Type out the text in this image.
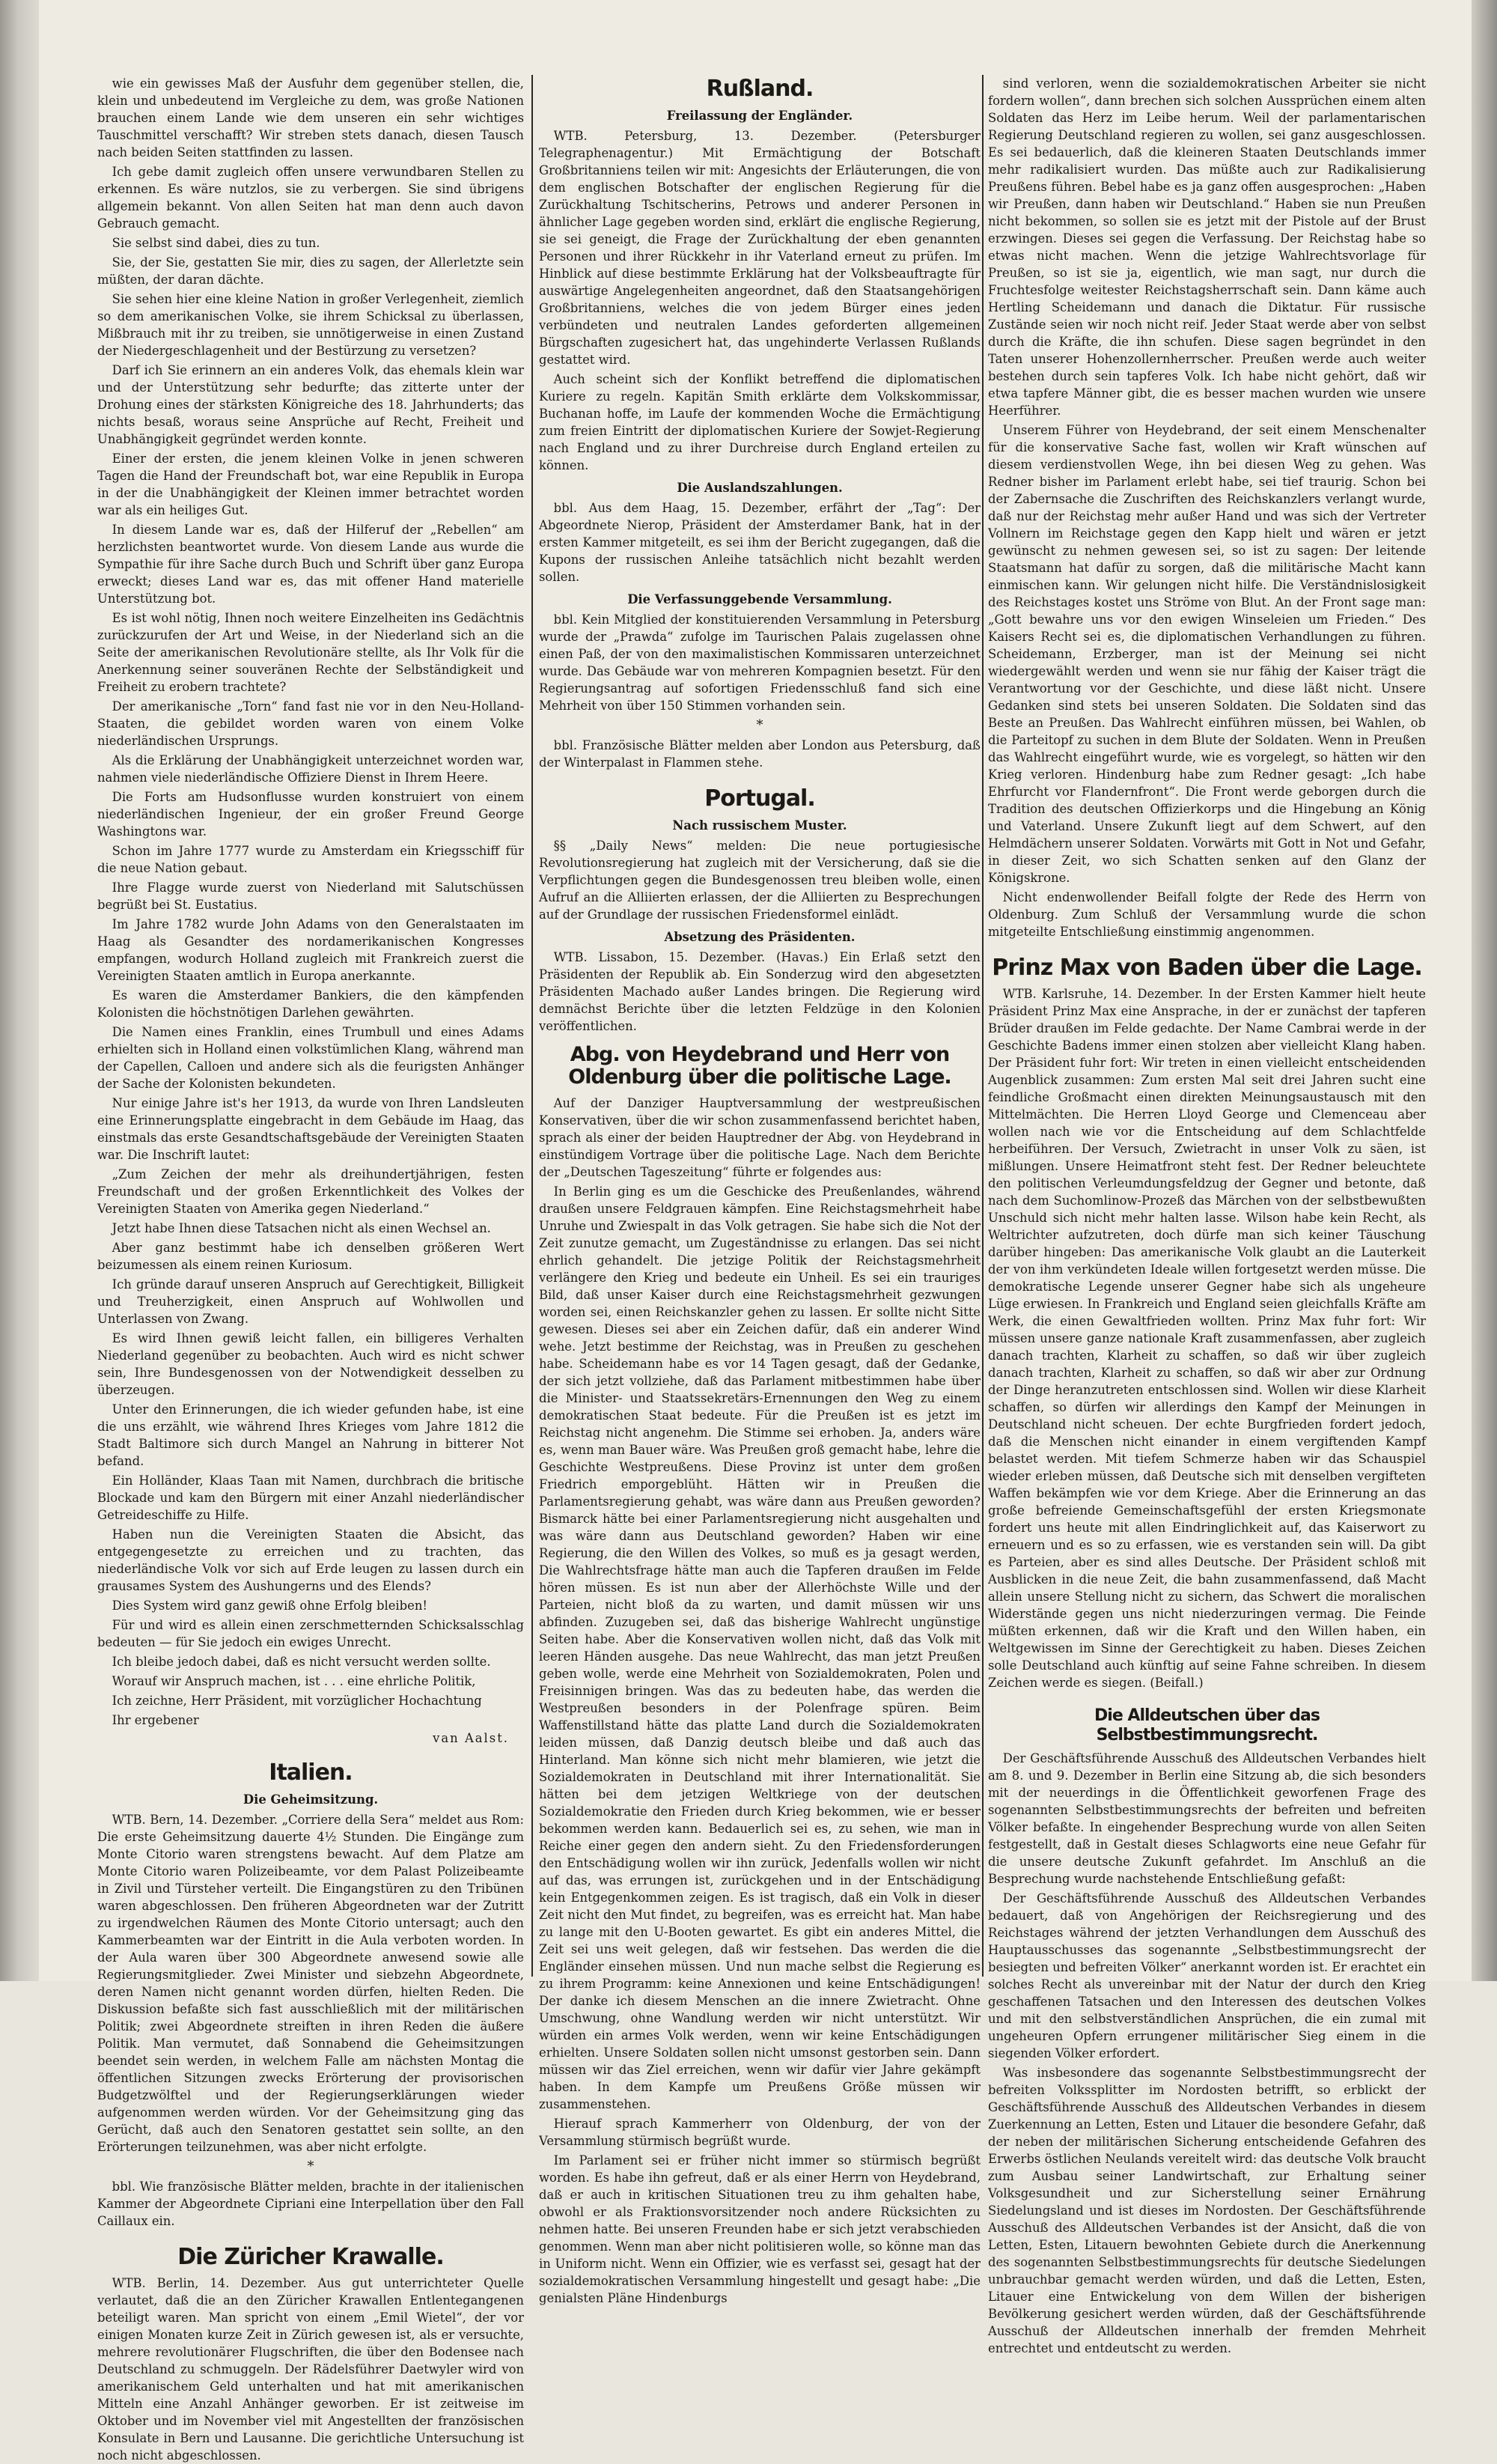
wie ein gewisses Maß der Ausfuhr dem gegenüber stellen, die, klein und unbedeutend im Vergleiche zu dem, was große Nationen brauchen einem Lande wie dem unseren ein sehr wichtiges Tauschmittel verschafft? Wir streben stets danach, diesen Tausch nach beiden Seiten stattfinden zu lassen.

Ich gebe damit zugleich offen unsere verwundbaren Stellen zu erkennen. Es wäre nutzlos, sie zu verbergen. Sie sind übrigens allgemein bekannt. Von allen Seiten hat man denn auch davon Gebrauch gemacht.

Sie selbst sind dabei, dies zu tun.

Sie, der Sie, gestatten Sie mir, dies zu sagen, der Allerletzte sein müßten, der daran dächte.

Sie sehen hier eine kleine Nation in großer Verlegenheit, ziemlich so dem amerikanischen Volke, sie ihrem Schicksal zu überlassen, Mißbrauch mit ihr zu treiben, sie unnötigerweise in einen Zustand der Niedergeschlagenheit und der Bestürzung zu versetzen?

Darf ich Sie erinnern an ein anderes Volk, das ehemals klein war und der Unterstützung sehr bedurfte; das zitterte unter der Drohung eines der stärksten Königreiche des 18. Jahrhunderts; das nichts besaß, woraus seine Ansprüche auf Recht, Freiheit und Unabhängigkeit gegründet werden konnte.

Einer der ersten, die jenem kleinen Volke in jenen schweren Tagen die Hand der Freundschaft bot, war eine Republik in Europa in der die Unabhängigkeit der Kleinen immer betrachtet worden war als ein heiliges Gut.

In diesem Lande war es, daß der Hilferuf der „Rebellen“ am herzlichsten beantwortet wurde. Von diesem Lande aus wurde die Sympathie für ihre Sache durch Buch und Schrift über ganz Europa erweckt; dieses Land war es, das mit offener Hand materielle Unterstützung bot.

Es ist wohl nötig, Ihnen noch weitere Einzelheiten ins Gedächtnis zurückzurufen der Art und Weise, in der Niederland sich an die Seite der amerikanischen Revolutionäre stellte, als Ihr Volk für die Anerkennung seiner souveränen Rechte der Selbständigkeit und Freiheit zu erobern trachtete?

Der amerikanische „Torn“ fand fast nie vor in den Neu-Holland-Staaten, die gebildet worden waren von einem Volke niederländischen Ursprungs.

Als die Erklärung der Unabhängigkeit unterzeichnet worden war, nahmen viele niederländische Offiziere Dienst in Ihrem Heere.

Die Forts am Hudsonflusse wurden konstruiert von einem niederländischen Ingenieur, der ein großer Freund George Washingtons war.

Schon im Jahre 1777 wurde zu Amsterdam ein Kriegsschiff für die neue Nation gebaut.

Ihre Flagge wurde zuerst von Niederland mit Salutschüssen begrüßt bei St. Eustatius.

Im Jahre 1782 wurde John Adams von den Generalstaaten im Haag als Gesandter des nordamerikanischen Kongresses empfangen, wodurch Holland zugleich mit Frankreich zuerst die Vereinigten Staaten amtlich in Europa anerkannte.

Es waren die Amsterdamer Bankiers, die den kämpfenden Kolonisten die höchstnötigen Darlehen gewährten.

Die Namen eines Franklin, eines Trumbull und eines Adams erhielten sich in Holland einen volkstümlichen Klang, während man der Capellen, Calloen und andere sich als die feurigsten Anhänger der Sache der Kolonisten bekundeten.

Nur einige Jahre ist's her 1913, da wurde von Ihren Landsleuten eine Erinnerungsplatte eingebracht in dem Gebäude im Haag, das einstmals das erste Gesandtschaftsgebäude der Vereinigten Staaten war. Die Inschrift lautet:

„Zum Zeichen der mehr als dreihundertjährigen, festen Freundschaft und der großen Erkenntlichkeit des Volkes der Vereinigten Staaten von Amerika gegen Niederland.“

Jetzt habe Ihnen diese Tatsachen nicht als einen Wechsel an.

Aber ganz bestimmt habe ich denselben größeren Wert beizumessen als einem reinen Kuriosum.

Ich gründe darauf unseren Anspruch auf Gerechtigkeit, Billigkeit und Treuherzigkeit, einen Anspruch auf Wohlwollen und Unterlassen von Zwang.

Es wird Ihnen gewiß leicht fallen, ein billigeres Verhalten Niederland gegenüber zu beobachten. Auch wird es nicht schwer sein, Ihre Bundesgenossen von der Notwendigkeit desselben zu überzeugen.

Unter den Erinnerungen, die ich wieder gefunden habe, ist eine die uns erzählt, wie während Ihres Krieges vom Jahre 1812 die Stadt Baltimore sich durch Mangel an Nahrung in bitterer Not befand.

Ein Holländer, Klaas Taan mit Namen, durchbrach die britische Blockade und kam den Bürgern mit einer Anzahl niederländischer Getreideschiffe zu Hilfe.

Haben nun die Vereinigten Staaten die Absicht, das entgegengesetzte zu erreichen und zu trachten, das niederländische Volk vor sich auf Erde leugen zu lassen durch ein grausames System des Aushungerns und des Elends?

Dies System wird ganz gewiß ohne Erfolg bleiben!

Für und wird es allein einen zerschmetternden Schicksalsschlag bedeuten — für Sie jedoch ein ewiges Unrecht.

Ich bleibe jedoch dabei, daß es nicht versucht werden sollte.

Worauf wir Anspruch machen, ist . . . eine ehrliche Politik,

Ich zeichne, Herr Präsident, mit vorzüglicher Hochachtung

Ihr ergebener

van Aalst.
Italien.
Die Geheimsitzung.

WTB. Bern, 14. Dezember. „Corriere della Sera“ meldet aus Rom: Die erste Geheimsitzung dauerte 4½ Stunden. Die Eingänge zum Monte Citorio waren strengstens bewacht. Auf dem Platze am Monte Citorio waren Polizeibeamte, vor dem Palast Polizeibeamte in Zivil und Türsteher verteilt. Die Eingangstüren zu den Tribünen waren abgeschlossen. Den früheren Abgeordneten war der Zutritt zu irgendwelchen Räumen des Monte Citorio untersagt; auch den Kammerbeamten war der Eintritt in die Aula verboten worden. In der Aula waren über 300 Abgeordnete anwesend sowie alle Regierungsmitglieder. Zwei Minister und siebzehn Abgeordnete, deren Namen nicht genannt worden dürfen, hielten Reden. Die Diskussion befaßte sich fast ausschließlich mit der militärischen Politik; zwei Abgeordnete streiften in ihren Reden die äußere Politik. Man vermutet, daß Sonnabend die Geheimsitzungen beendet sein werden, in welchem Falle am nächsten Montag die öffentlichen Sitzungen zwecks Erörterung der provisorischen Budgetzwölftel und der Regierungserklärungen wieder aufgenommen werden würden. Vor der Geheimsitzung ging das Gerücht, daß auch den Senatoren gestattet sein sollte, an den Erörterungen teilzunehmen, was aber nicht erfolgte.

*

bbl. Wie französische Blätter melden, brachte in der italienischen Kammer der Abgeordnete Cipriani eine Interpellation über den Fall Caillaux ein.

Die Züricher Krawalle.

WTB. Berlin, 14. Dezember. Aus gut unterrichteter Quelle verlautet, daß die an den Züricher Krawallen Entlentegangenen beteiligt waren. Man spricht von einem „Emil Wietel“, der vor einigen Monaten kurze Zeit in Zürich gewesen ist, als er versuchte, mehrere revolutionärer Flugschriften, die über den Bodensee nach Deutschland zu schmuggeln. Der Rädelsführer Daetwyler wird von amerikanischem Geld unterhalten und hat mit amerikanischen Mitteln eine Anzahl Anhänger geworben. Er ist zeitweise im Oktober und im November viel mit Angestellten der französischen Konsulate in Bern und Lausanne. Die gerichtliche Untersuchung ist noch nicht abgeschlossen.

Rußland.
Freilassung der Engländer.

WTB. Petersburg, 13. Dezember. (Petersburger Telegraphenagentur.) Mit Ermächtigung der Botschaft Großbritanniens teilen wir mit: Angesichts der Erläuterungen, die von dem englischen Botschafter der englischen Regierung für die Zurückhaltung Tschitscherins, Petrows und anderer Personen in ähnlicher Lage gegeben worden sind, erklärt die englische Regierung, sie sei geneigt, die Frage der Zurückhaltung der eben genannten Personen und ihrer Rückkehr in ihr Vaterland erneut zu prüfen. Im Hinblick auf diese bestimmte Erklärung hat der Volksbeauftragte für auswärtige Angelegenheiten angeordnet, daß den Staatsangehörigen Großbritanniens, welches die von jedem Bürger eines jeden verbündeten und neutralen Landes geforderten allgemeinen Bürgschaften zugesichert hat, das ungehinderte Verlassen Rußlands gestattet wird.

Auch scheint sich der Konflikt betreffend die diplomatischen Kuriere zu regeln. Kapitän Smith erklärte dem Volkskommissar, Buchanan hoffe, im Laufe der kommenden Woche die Ermächtigung zum freien Eintritt der diplomatischen Kuriere der Sowjet-Regierung nach England und zu ihrer Durchreise durch England erteilen zu können.

Die Auslandszahlungen.

bbl. Aus dem Haag, 15. Dezember, erfährt der „Tag“: Der Abgeordnete Nierop, Präsident der Amsterdamer Bank, hat in der ersten Kammer mitgeteilt, es sei ihm der Bericht zugegangen, daß die Kupons der russischen Anleihe tatsächlich nicht bezahlt werden sollen.

Die Verfassunggebende Versammlung.

bbl. Kein Mitglied der konstituierenden Versammlung in Petersburg wurde der „Prawda“ zufolge im Taurischen Palais zugelassen ohne einen Paß, der von den maximalistischen Kommissaren unterzeichnet wurde. Das Gebäude war von mehreren Kompagnien besetzt. Für den Regierungsantrag auf sofortigen Friedensschluß fand sich eine Mehrheit von über 150 Stimmen vorhanden sein.

*

bbl. Französische Blätter melden aber London aus Petersburg, daß der Winterpalast in Flammen stehe.

Portugal.
Nach russischem Muster.

§§ „Daily News“ melden: Die neue portugiesische Revolutionsregierung hat zugleich mit der Versicherung, daß sie die Verpflichtungen gegen die Bundesgenossen treu bleiben wolle, einen Aufruf an die Alliierten erlassen, der die Alliierten zu Besprechungen auf der Grundlage der russischen Friedensformel einlädt.

Absetzung des Präsidenten.

WTB. Lissabon, 15. Dezember. (Havas.) Ein Erlaß setzt den Präsidenten der Republik ab. Ein Sonderzug wird den abgesetzten Präsidenten Machado außer Landes bringen. Die Regierung wird demnächst Berichte über die letzten Feldzüge in den Kolonien veröffentlichen.

Abg. von Heydebrand und Herr von Oldenburg über die politische Lage.

Auf der Danziger Hauptversammlung der westpreußischen Konservativen, über die wir schon zusammenfassend berichtet haben, sprach als einer der beiden Hauptredner der Abg. von Heydebrand in einstündigem Vortrage über die politische Lage. Nach dem Berichte der „Deutschen Tageszeitung“ führte er folgendes aus:

In Berlin ging es um die Geschicke des Preußenlandes, während draußen unsere Feldgrauen kämpfen. Eine Reichstagsmehrheit habe Unruhe und Zwiespalt in das Volk getragen. Sie habe sich die Not der Zeit zunutze gemacht, um Zugeständnisse zu erlangen. Das sei nicht ehrlich gehandelt. Die jetzige Politik der Reichstagsmehrheit verlängere den Krieg und bedeute ein Unheil. Es sei ein trauriges Bild, daß unser Kaiser durch eine Reichstagsmehrheit gezwungen worden sei, einen Reichskanzler gehen zu lassen. Er sollte nicht Sitte gewesen. Dieses sei aber ein Zeichen dafür, daß ein anderer Wind wehe. Jetzt bestimme der Reichstag, was in Preußen zu geschehen habe. Scheidemann habe es vor 14 Tagen gesagt, daß der Gedanke, der sich jetzt vollziehe, daß das Parlament mitbestimmen habe über die Minister- und Staatssekretärs-Ernennungen den Weg zu einem demokratischen Staat bedeute. Für die Preußen ist es jetzt im Reichstag nicht angenehm. Die Stimme sei erhoben. Ja, anders wäre es, wenn man Bauer wäre. Was Preußen groß gemacht habe, lehre die Geschichte Westpreußens. Diese Provinz ist unter dem großen Friedrich emporgeblüht. Hätten wir in Preußen die Parlamentsregierung gehabt, was wäre dann aus Preußen geworden? Bismarck hätte bei einer Parlamentsregierung nicht ausgehalten und was wäre dann aus Deutschland geworden? Haben wir eine Regierung, die den Willen des Volkes, so muß es ja gesagt werden, Die Wahlrechtsfrage hätte man auch die Tapferen draußen im Felde hören müssen. Es ist nun aber der Allerhöchste Wille und der Parteien, nicht bloß da zu warten, und damit müssen wir uns abfinden. Zuzugeben sei, daß das bisherige Wahlrecht ungünstige Seiten habe. Aber die Konservativen wollen nicht, daß das Volk mit leeren Händen ausgehe. Das neue Wahlrecht, das man jetzt Preußen geben wolle, werde eine Mehrheit von Sozialdemokraten, Polen und Freisinnigen bringen. Was das zu bedeuten habe, das werden die Westpreußen besonders in der Polenfrage spüren. Beim Waffenstillstand hätte das platte Land durch die Sozialdemokraten leiden müssen, daß Danzig deutsch bleibe und daß auch das Hinterland. Man könne sich nicht mehr blamieren, wie jetzt die Sozialdemokraten in Deutschland mit ihrer Internationalität. Sie hätten bei dem jetzigen Weltkriege von der deutschen Sozialdemokratie den Frieden durch Krieg bekommen, wie er besser bekommen werden kann. Bedauerlich sei es, zu sehen, wie man in Reiche einer gegen den andern sieht. Zu den Friedensforderungen den Entschädigung wollen wir ihn zurück, Jedenfalls wollen wir nicht auf das, was errungen ist, zurückgehen und in der Entschädigung kein Entgegenkommen zeigen. Es ist tragisch, daß ein Volk in dieser Zeit nicht den Mut findet, zu begreifen, was es erreicht hat. Man habe zu lange mit den U-Booten gewartet. Es gibt ein anderes Mittel, die Zeit sei uns weit gelegen, daß wir festsehen. Das werden die die Engländer einsehen müssen. Und nun mache selbst die Regierung es zu ihrem Programm: keine Annexionen und keine Entschädigungen! Der danke ich diesem Menschen an die innere Zwietracht. Ohne Umschwung, ohne Wandlung werden wir nicht unterstützt. Wir würden ein armes Volk werden, wenn wir keine Entschädigungen erhielten. Unsere Soldaten sollen nicht umsonst gestorben sein. Dann müssen wir das Ziel erreichen, wenn wir dafür vier Jahre gekämpft haben. In dem Kampfe um Preußens Größe müssen wir zusammenstehen.

Hierauf sprach Kammerherr von Oldenburg, der von der Versammlung stürmisch begrüßt wurde.

Im Parlament sei er früher nicht immer so stürmisch begrüßt worden. Es habe ihn gefreut, daß er als einer Herrn von Heydebrand, daß er auch in kritischen Situationen treu zu ihm gehalten habe, obwohl er als Fraktionsvorsitzender noch andere Rücksichten zu nehmen hatte. Bei unseren Freunden habe er sich jetzt verabschieden genommen. Wenn man aber nicht politisieren wolle, so könne man das in Uniform nicht. Wenn ein Offizier, wie es verfasst sei, gesagt hat der sozialdemokratischen Versammlung hingestellt und gesagt habe: „Die genialsten Pläne Hindenburgs

sind verloren, wenn die sozialdemokratischen Arbeiter sie nicht fordern wollen“, dann brechen sich solchen Aussprüchen einem alten Soldaten das Herz im Leibe herum. Weil der parlamentarischen Regierung Deutschland regieren zu wollen, sei ganz ausgeschlossen. Es sei bedauerlich, daß die kleineren Staaten Deutschlands immer mehr radikalisiert wurden. Das müßte auch zur Radikalisierung Preußens führen. Bebel habe es ja ganz offen ausgesprochen: „Haben wir Preußen, dann haben wir Deutschland.“ Haben sie nun Preußen nicht bekommen, so sollen sie es jetzt mit der Pistole auf der Brust erzwingen. Dieses sei gegen die Verfassung. Der Reichstag habe so etwas nicht machen. Wenn die jetzige Wahlrechtsvorlage für Preußen, so ist sie ja, eigentlich, wie man sagt, nur durch die Fruchtesfolge weitester Reichstagsherrschaft sein. Dann käme auch Hertling Scheidemann und danach die Diktatur. Für russische Zustände seien wir noch nicht reif. Jeder Staat werde aber von selbst durch die Kräfte, die ihn schufen. Diese sagen begründet in den Taten unserer Hohenzollernherrscher. Preußen werde auch weiter bestehen durch sein tapferes Volk. Ich habe nicht gehört, daß wir etwa tapfere Männer gibt, die es besser machen wurden wie unsere Heerführer.

Unserem Führer von Heydebrand, der seit einem Menschenalter für die konservative Sache fast, wollen wir Kraft wünschen auf diesem verdienstvollen Wege, ihn bei diesen Weg zu gehen. Was Redner bisher im Parlament erlebt habe, sei tief traurig. Schon bei der Zabernsache die Zuschriften des Reichskanzlers verlangt wurde, daß nur der Reichstag mehr außer Hand und was sich der Vertreter Vollnern im Reichstage gegen den Kapp hielt und wären er jetzt gewünscht zu nehmen gewesen sei, so ist zu sagen: Der leitende Staatsmann hat dafür zu sorgen, daß die militärische Macht kann einmischen kann. Wir gelungen nicht hilfe. Die Verständnislosigkeit des Reichstages kostet uns Ströme von Blut. An der Front sage man: „Gott bewahre uns vor den ewigen Winseleien um Frieden.“ Des Kaisers Recht sei es, die diplomatischen Verhandlungen zu führen. Scheidemann, Erzberger, man ist der Meinung sei nicht wiedergewählt werden und wenn sie nur fähig der Kaiser trägt die Verantwortung vor der Geschichte, und diese läßt nicht. Unsere Gedanken sind stets bei unseren Soldaten. Die Soldaten sind das Beste an Preußen. Das Wahlrecht einführen müssen, bei Wahlen, ob die Parteitopf zu suchen in dem Blute der Soldaten. Wenn in Preußen das Wahlrecht eingeführt wurde, wie es vorgelegt, so hätten wir den Krieg verloren. Hindenburg habe zum Redner gesagt: „Ich habe Ehrfurcht vor Flandernfront“. Die Front werde geborgen durch die Tradition des deutschen Offizierkorps und die Hingebung an König und Vaterland. Unsere Zukunft liegt auf dem Schwert, auf den Helmdächern unserer Soldaten. Vorwärts mit Gott in Not und Gefahr, in dieser Zeit, wo sich Schatten senken auf den Glanz der Königskrone.

Nicht endenwollender Beifall folgte der Rede des Herrn von Oldenburg. Zum Schluß der Versammlung wurde die schon mitgeteilte Entschließung einstimmig angenommen.

Prinz Max von Baden über die Lage.

WTB. Karlsruhe, 14. Dezember. In der Ersten Kammer hielt heute Präsident Prinz Max eine Ansprache, in der er zunächst der tapferen Brüder draußen im Felde gedachte. Der Name Cambrai werde in der Geschichte Badens immer einen stolzen aber vielleicht Klang haben. Der Präsident fuhr fort: Wir treten in einen vielleicht entscheidenden Augenblick zusammen: Zum ersten Mal seit drei Jahren sucht eine feindliche Großmacht einen direkten Meinungsaustausch mit den Mittelmächten. Die Herren Lloyd George und Clemenceau aber wollen nach wie vor die Entscheidung auf dem Schlachtfelde herbeiführen. Der Versuch, Zwietracht in unser Volk zu säen, ist mißlungen. Unsere Heimatfront steht fest. Der Redner beleuchtete den politischen Verleumdungsfeldzug der Gegner und betonte, daß nach dem Suchomlinow-Prozeß das Märchen von der selbstbewußten Unschuld sich nicht mehr halten lasse. Wilson habe kein Recht, als Weltrichter aufzutreten, doch dürfe man sich keiner Täuschung darüber hingeben: Das amerikanische Volk glaubt an die Lauterkeit der von ihm verkündeten Ideale willen fortgesetzt werden müsse. Die demokratische Legende unserer Gegner habe sich als ungeheure Lüge erwiesen. In Frankreich und England seien gleichfalls Kräfte am Werk, die einen Gewaltfrieden wollten. Prinz Max fuhr fort: Wir müssen unsere ganze nationale Kraft zusammenfassen, aber zugleich danach trachten, Klarheit zu schaffen, so daß wir über zugleich danach trachten, Klarheit zu schaffen, so daß wir aber zur Ordnung der Dinge heranzutreten entschlossen sind. Wollen wir diese Klarheit schaffen, so dürfen wir allerdings den Kampf der Meinungen in Deutschland nicht scheuen. Der echte Burgfrieden fordert jedoch, daß die Menschen nicht einander in einem vergiftenden Kampf belastet werden. Mit tiefem Schmerze haben wir das Schauspiel wieder erleben müssen, daß Deutsche sich mit denselben vergifteten Waffen bekämpfen wie vor dem Kriege. Aber die Erinnerung an das große befreiende Gemeinschaftsgefühl der ersten Kriegsmonate fordert uns heute mit allen Eindringlichkeit auf, das Kaiserwort zu erneuern und es so zu erfassen, wie es verstanden sein will. Da gibt es Parteien, aber es sind alles Deutsche. Der Präsident schloß mit Ausblicken in die neue Zeit, die bahn zusammenfassend, daß Macht allein unsere Stellung nicht zu sichern, das Schwert die moralischen Widerstände gegen uns nicht niederzuringen vermag. Die Feinde müßten erkennen, daß wir die Kraft und den Willen haben, ein Weltgewissen im Sinne der Gerechtigkeit zu haben. Dieses Zeichen solle Deutschland auch künftig auf seine Fahne schreiben. In diesem Zeichen werde es siegen. (Beifall.)

Die Alldeutschen über das Selbstbestimmungsrecht.

Der Geschäftsführende Ausschuß des Alldeutschen Verbandes hielt am 8. und 9. Dezember in Berlin eine Sitzung ab, die sich besonders mit der neuerdings in die Öffentlichkeit geworfenen Frage des sogenannten Selbstbestimmungsrechts der befreiten und befreiten Völker befaßte. In eingehender Besprechung wurde von allen Seiten festgestellt, daß in Gestalt dieses Schlagworts eine neue Gefahr für die unsere deutsche Zukunft gefahrdet. Im Anschluß an die Besprechung wurde nachstehende Entschließung gefaßt:

Der Geschäftsführende Ausschuß des Alldeutschen Verbandes bedauert, daß von Angehörigen der Reichsregierung und des Reichstages während der jetzten Verhandlungen dem Ausschuß des Hauptausschusses das sogenannte „Selbstbestimmungsrecht der besiegten und befreiten Völker“ anerkannt worden ist. Er erachtet ein solches Recht als unvereinbar mit der Natur der durch den Krieg geschaffenen Tatsachen und den Interessen des deutschen Volkes und mit den selbstverständlichen Ansprüchen, die ein zumal mit ungeheuren Opfern errungener militärischer Sieg einem in die siegenden Völker erfordert.

Was insbesondere das sogenannte Selbstbestimmungsrecht der befreiten Volkssplitter im Nordosten betrifft, so erblickt der Geschäftsführende Ausschuß des Alldeutschen Verbandes in diesem Zuerkennung an Letten, Esten und Litauer die besondere Gefahr, daß der neben der militärischen Sicherung entscheidende Gefahren des Erwerbs östlichen Neulands vereitelt wird: das deutsche Volk braucht zum Ausbau seiner Landwirtschaft, zur Erhaltung seiner Volksgesundheit und zur Sicherstellung seiner Ernährung Siedelungsland und ist dieses im Nordosten. Der Geschäftsführende Ausschuß des Alldeutschen Verbandes ist der Ansicht, daß die von Letten, Esten, Litauern bewohnten Gebiete durch die Anerkennung des sogenannten Selbstbestimmungsrechts für deutsche Siedelungen unbrauchbar gemacht werden würden, und daß die Letten, Esten, Litauer eine Entwickelung von dem Willen der bisherigen Bevölkerung gesichert werden würden, daß der Geschäftsführende Ausschuß der Alldeutschen innerhalb der fremden Mehrheit entrechtet und entdeutscht zu werden.
